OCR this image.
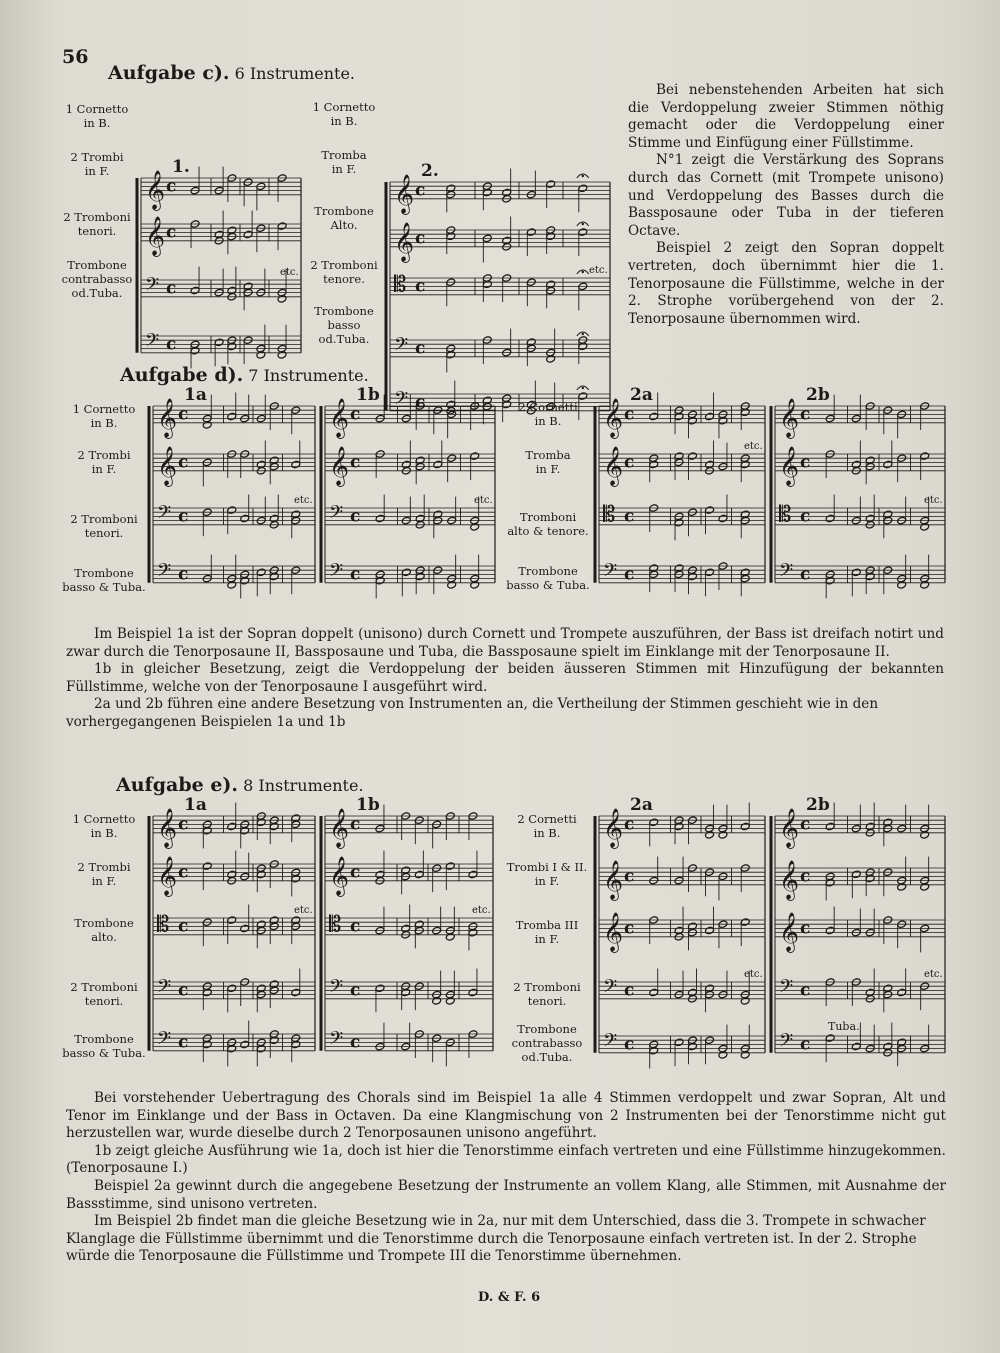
56
Aufgabe c). 6 Instrumente.
1 Cornetto
in B.
2 Trombi
in F.
2 Tromboni
tenori.
Trombone
contrabasso
od.Tuba.
1 Cornetto
in B.
Tromba
in F.
Trombone
Alto.
2 Tromboni
tenore.
Trombone
basso od.Tuba.
𝄞 c
𝄞 c
𝄢 c
𝄢 c
1.
etc.
𝄞 c
𝄞 c
𝄡 c
𝄢 c
𝄢 c
2.
etc.

Bei nebenstehenden Arbeiten hat sich die Verdoppelung zweier Stimmen nöthig gemacht oder die Verdoppelung einer Stimme und Einfügung einer Füllstimme.

N°1 zeigt die Verstärkung des Soprans durch das Cornett (mit Trompete unisono) und Verdoppelung des Basses durch die Bassposaune oder Tuba in der tieferen Octave.

Beispiel 2 zeigt den Sopran doppelt vertreten, doch übernimmt hier die 1. Tenorposaune die Füllstimme, welche in der 2. Strophe vorübergehend von der 2. Tenorposaune übernommen wird.

Aufgabe d). 7 Instrumente.
1 Cornetto
in B.
2 Trombi
in F.
2 Tromboni
tenori.
Trombone
basso & Tuba.
2 Cornetti
in B.
Tromba
in F.
Tromboni
alto & tenore.
Trombone
basso & Tuba.
𝄞 c
𝄞 c
𝄢 c
𝄢 c
1a
etc.
𝄞 c
𝄞 c
𝄢 c
𝄢 c
1b
etc.
𝄞 c
𝄞 c
𝄡 c
𝄢 c
2a
etc.
𝄞 c
𝄞 c
𝄡 c
𝄢 c
2b
etc.

Im Beispiel 1a ist der Sopran doppelt (unisono) durch Cornett und Trompete auszuführen, der Bass ist dreifach notirt und zwar durch die Tenorposaune II, Bassposaune und Tuba, die Bassposaune spielt im Einklange mit der Tenorposaune II.

1b in gleicher Besetzung, zeigt die Verdoppelung der beiden äusseren Stimmen mit Hinzufügung der bekannten Füllstimme, welche von der Tenorposaune I ausgeführt wird.

2a und 2b führen eine andere Besetzung von Instrumenten an, die Vertheilung der Stimmen geschieht wie in den vorhergegangenen Beispielen 1a und 1b

Aufgabe e). 8 Instrumente.
1 Cornetto
in B.
2 Trombi
in F.
Trombone
alto.
2 Tromboni
tenori.
Trombone
basso & Tuba.
2 Cornetti
in B.
Trombi I & II.
in F.
Tromba III
in F.
2 Tromboni
tenori.
Trombone
contrabasso
od.Tuba.
𝄞 c
𝄞 c
𝄡 c
𝄢 c
𝄢 c
1a
etc.
𝄞 c
𝄞 c
𝄡 c
𝄢 c
𝄢 c
1b
etc.
𝄞 c
𝄞 c
𝄞 c
𝄢 c
𝄢 c
2a
etc.
𝄞 c
𝄞 c
𝄞 c
𝄢 c
𝄢 c
2b
etc.
Tuba.

Bei vorstehender Uebertragung des Chorals sind im Beispiel 1a alle 4 Stimmen verdoppelt und zwar Sopran, Alt und Tenor im Einklange und der Bass in Octaven. Da eine Klangmischung von 2 Instrumenten bei der Tenorstimme nicht gut herzustellen war, wurde dieselbe durch 2 Tenorposaunen unisono angeführt.

1b zeigt gleiche Ausführung wie 1a, doch ist hier die Tenorstimme einfach vertreten und eine Füllstimme hinzugekommen. (Tenorposaune I.)

Beispiel 2a gewinnt durch die angegebene Besetzung der Instrumente an vollem Klang, alle Stimmen, mit Ausnahme der Bassstimme, sind unisono vertreten.

Im Beispiel 2b findet man die gleiche Besetzung wie in 2a, nur mit dem Unterschied, dass die 3. Trompete in schwacher Klanglage die Füllstimme übernimmt und die Tenorstimme durch die Tenorposaune einfach vertreten ist. In der 2. Strophe würde die Tenorposaune die Füllstimme und Trompete III die Tenorstimme übernehmen.

D. & F. 6
